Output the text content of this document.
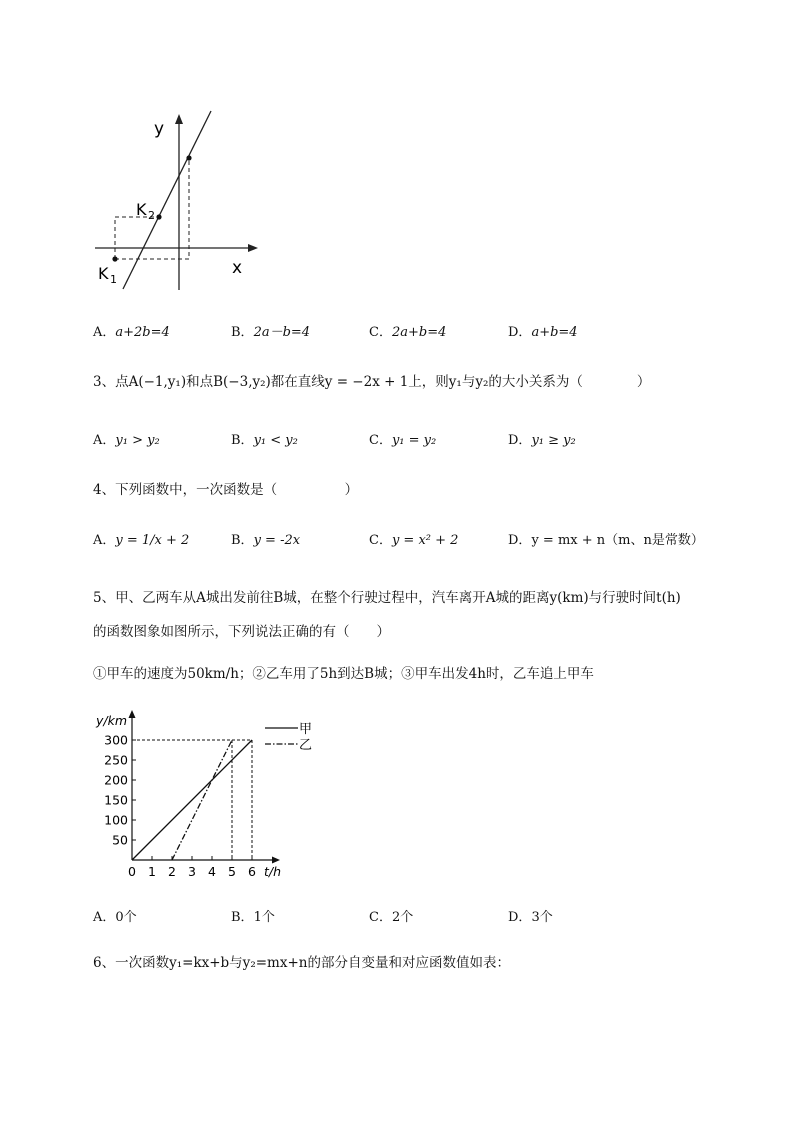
y
x
K 2
K 1
A．a+2b=4	B．2a－b=4	C．2a+b=4	D．a+b=4
3、点A(−1,y₁)和点B(−3,y₂)都在直线y = −2x + 1上，则y₁与y₂的大小关系为（　　　　）
A．y₁ > y₂	B．y₁ < y₂	C．y₁ = y₂	D．y₁ ≥ y₂
4、下列函数中，一次函数是（　　　　　）
A．y = 1/x + 2	B．y = -2x	C．y = x² + 2	D．y = mx + n（m、n是常数）
5、甲、乙两车从A城出发前往B城，在整个行驶过程中，汽车离开A城的距离y(km)与行驶时间t(h)
的函数图象如图所示，下列说法正确的有（　　）
①甲车的速度为50km/h；②乙车用了5h到达B城；③甲车出发4h时，乙车追上甲车
50
100
150
200
250
300
0 1 2 3 4 5 6
y/km
t/h
甲
乙
A．0个	B．1个	C．2个	D．3个
6、一次函数y₁=kx+b与y₂=mx+n的部分自变量和对应函数值如表：
